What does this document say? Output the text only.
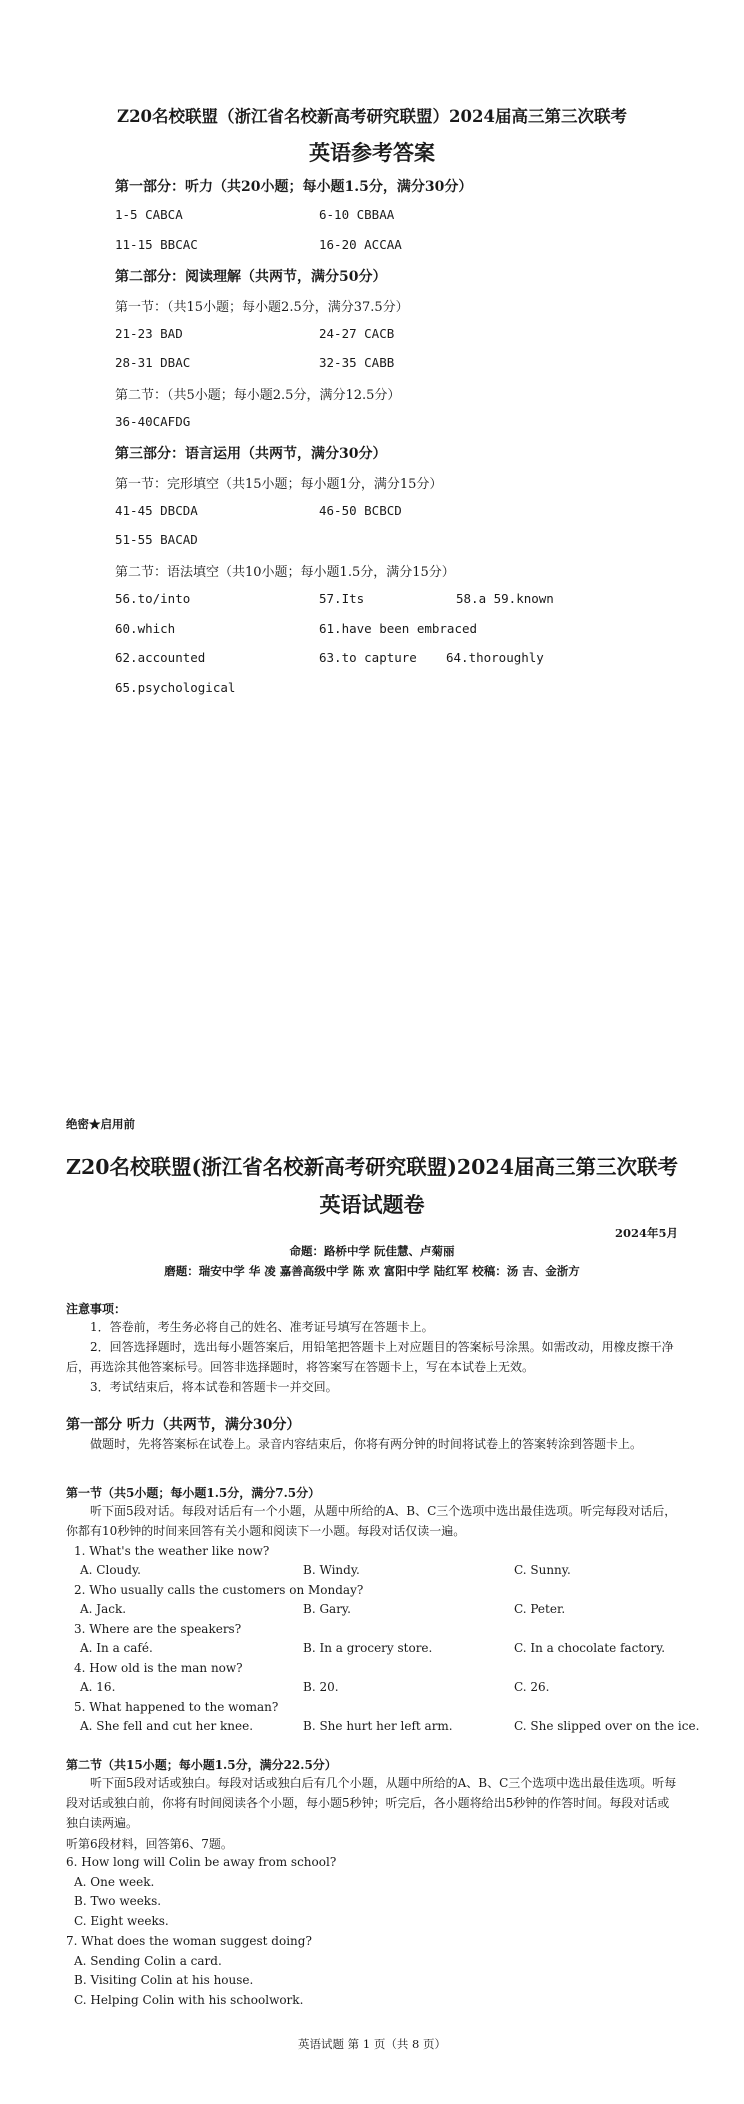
Z20名校联盟（浙江省名校新高考研究联盟）2024届高三第三次联考
英语参考答案
第一部分：听力（共20小题；每小题1.5分，满分30分）
1-5 CABCA	6-10 CBBAA
11-15 BBCAC	16-20 ACCAA
第二部分：阅读理解（共两节，满分50分）
第一节：（共15小题；每小题2.5分，满分37.5分）
21-23 BAD	24-27 CACB
28-31 DBAC	32-35 CABB
第二节：（共5小题；每小题2.5分，满分12.5分）
36-40CAFDG
第三部分：语言运用（共两节，满分30分）
第一节：完形填空（共15小题；每小题1分，满分15分）
41-45 DBCDA	46-50 BCBCD
51-55 BACAD
第二节：语法填空（共10小题；每小题1.5分，满分15分）
56.to/into	57.Its	58.a 59.known
60.which	61.have been embraced
62.accounted	63.to capture 64.thoroughly
65.psychological
绝密★启用前
Z20名校联盟(浙江省名校新高考研究联盟)2024届高三第三次联考
英语试题卷
2024年5月
命题：路桥中学 阮佳慧、卢菊丽
磨题：瑞安中学 华 凌 嘉善高级中学 陈 欢 富阳中学 陆红军 校稿：汤 吉、金浙方
注意事项：
1．答卷前，考生务必将自己的姓名、准考证号填写在答题卡上。
2．回答选择题时，选出每小题答案后，用铅笔把答题卡上对应题目的答案标号涂黑。如需改动，用橡皮擦干净后，再选涂其他答案标号。回答非选择题时，将答案写在答题卡上，写在本试卷上无效。
3．考试结束后，将本试卷和答题卡一并交回。
第一部分 听力（共两节，满分30分）
做题时，先将答案标在试卷上。录音内容结束后，你将有两分钟的时间将试卷上的答案转涂到答题卡上。
第一节（共5小题；每小题1.5分，满分7.5分）
听下面5段对话。每段对话后有一个小题，从题中所给的A、B、C三个选项中选出最佳选项。听完每段对话后，你都有10秒钟的时间来回答有关小题和阅读下一小题。每段对话仅读一遍。
1. What's the weather like now?
A. Cloudy.	B. Windy.	C. Sunny.
2. Who usually calls the customers on Monday?
A. Jack.	B. Gary.	C. Peter.
3. Where are the speakers?
A. In a café.	B. In a grocery store.	C. In a chocolate factory.
4. How old is the man now?
A. 16.	B. 20.	C. 26.
5. What happened to the woman?
A. She fell and cut her knee.	B. She hurt her left arm.	C. She slipped over on the ice.
第二节（共15小题；每小题1.5分，满分22.5分）
听下面5段对话或独白。每段对话或独白后有几个小题，从题中所给的A、B、C三个选项中选出最佳选项。听每段对话或独白前，你将有时间阅读各个小题，每小题5秒钟；听完后，各小题将给出5秒钟的作答时间。每段对话或独白读两遍。
听第6段材料，回答第6、7题。
6. How long will Colin be away from school?
A. One week.
B. Two weeks.
C. Eight weeks.
7. What does the woman suggest doing?
A. Sending Colin a card.
B. Visiting Colin at his house.
C. Helping Colin with his schoolwork.
英语试题 第 1 页（共 8 页）
